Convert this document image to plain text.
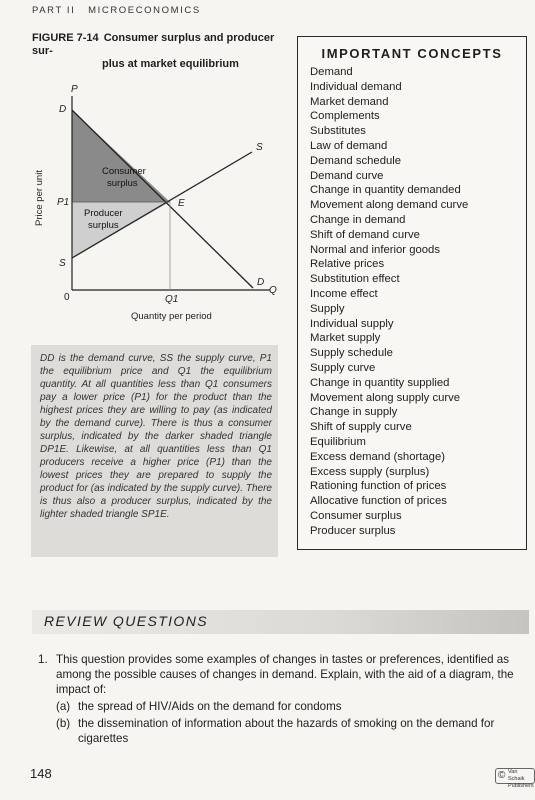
PART II MICROECONOMICS
FIGURE 7-14 Consumer surplus and producer sur-
plus at market equilibrium
P
D
P1
S
0	Q1
Q
D
S
E
Consumer
surplus
Producer
surplus
Price per unit
Quantity per period
DD is the demand curve, SS the supply curve, P1 the equilibrium price and Q1 the equilibrium quantity. At all quantities less than Q1 consumers pay a lower price (P1) for the product than the highest prices they are willing to pay (as indicated by the demand curve). There is thus a consumer surplus, indicated by the darker shaded triangle DP1E. Likewise, at all quantities less than Q1 producers receive a higher price (P1) than the lowest prices they are prepared to supply the product for (as indicated by the supply curve). There is thus also a producer surplus, indicated by the lighter shaded triangle SP1E.
IMPORTANT CONCEPTS
Demand
Individual demand
Market demand
Complements
Substitutes
Law of demand
Demand schedule
Demand curve
Change in quantity demanded
Movement along demand curve
Change in demand
Shift of demand curve
Normal and inferior goods
Relative prices
Substitution effect
Income effect
Supply
Individual supply
Market supply
Supply schedule
Supply curve
Change in quantity supplied
Movement along supply curve
Change in supply
Shift of supply curve
Equilibrium
Excess demand (shortage)
Excess supply (surplus)
Rationing function of prices
Allocative function of prices
Consumer surplus
Producer surplus
REVIEW QUESTIONS
1. This question provides some examples of changes in tastes or preferences, identified as among the possible causes of changes in demand. Explain, with the aid of a diagram, the impact of:
(a) the spread of HIV/Aids on the demand for condoms
(b) the dissemination of information about the hazards of smoking on the demand for
cigarettes
148	© Van Schaik
Publishers
